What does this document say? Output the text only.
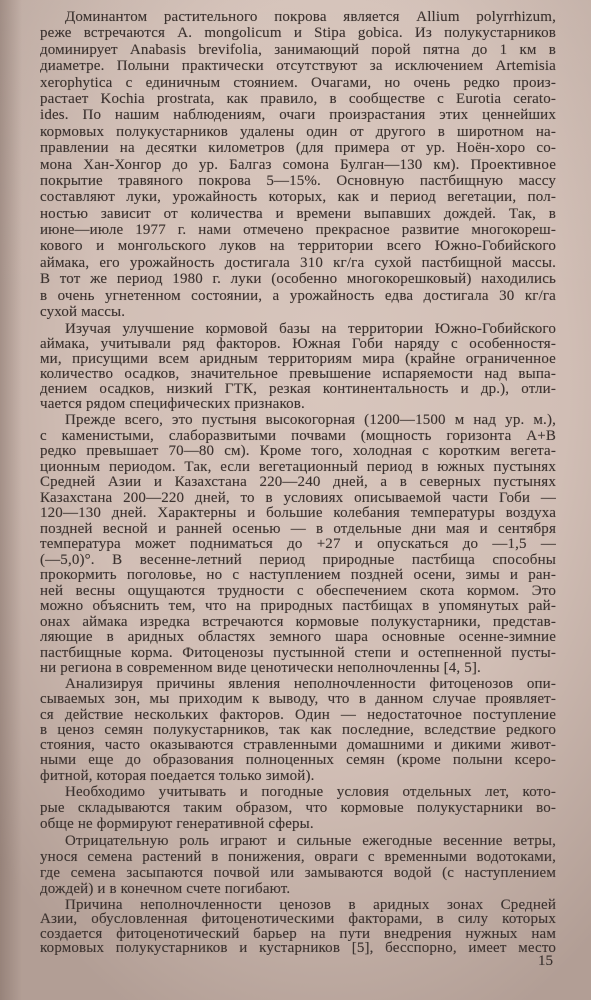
Доминантом растительного покрова является Allium polyrrhizum,
реже встречаются A. mongolicum и Stipa gobica. Из полукустарников
доминирует Anabasis brevifolia, занимающий порой пятна до 1 км в
диаметре. Полыни практически отсутствуют за исключением Artemisia
xerophytica с единичным стоянием. Очагами, но очень редко произ-
растает Kochia prostrata, как правило, в сообществе с Eurotia cerato-
ides. По нашим наблюдениям, очаги произрастания этих ценнейших
кормовых полукустарников удалены один от другого в широтном на-
правлении на десятки километров (для примера от ур. Ноён-хоро со-
мона Хан-Хонгор до ур. Балгаз сомона Булган—130 км). Проективное
покрытие травяного покрова 5—15%. Основную пастбищную массу
составляют луки, урожайность которых, как и период вегетации, пол-
ностью зависит от количества и времени выпавших дождей. Так, в
июне—июле 1977 г. нами отмечено прекрасное развитие многокореш-
кового и монгольского луков на территории всего Южно-Гобийского
аймака, его урожайность достигала 310 кг/га сухой пастбищной массы.
В тот же период 1980 г. луки (особенно многокорешковый) находились
в очень угнетенном состоянии, а урожайность едва достигала 30 кг/га
сухой массы.
Изучая улучшение кормовой базы на территории Южно-Гобийского
аймака, учитывали ряд факторов. Южная Гоби наряду с особенностя-
ми, присущими всем аридным территориям мира (крайне ограниченное
количество осадков, значительное превышение испаряемости над выпа-
дением осадков, низкий ГТК, резкая континентальность и др.), отли-
чается рядом специфических признаков.
Прежде всего, это пустыня высокогорная (1200—1500 м над ур. м.),
с каменистыми, слаборазвитыми почвами (мощность горизонта A+B
редко превышает 70—80 см). Кроме того, холодная с коротким вегета-
ционным периодом. Так, если вегетационный период в южных пустынях
Средней Азии и Казахстана 220—240 дней, а в северных пустынях
Казахстана 200—220 дней, то в условиях описываемой части Гоби —
120—130 дней. Характерны и большие колебания температуры воздуха
поздней весной и ранней осенью — в отдельные дни мая и сентября
температура может подниматься до +27 и опускаться до —1,5 —
(—5,0)°. В весенне-летний период природные пастбища способны
прокормить поголовье, но с наступлением поздней осени, зимы и ран-
ней весны ощущаются трудности с обеспечением скота кормом. Это
можно объяснить тем, что на природных пастбищах в упомянутых рай-
онах аймака изредка встречаются кормовые полукустарники, представ-
ляющие в аридных областях земного шара основные осенне-зимние
пастбищные корма. Фитоценозы пустынной степи и остепненной пусты-
ни региона в современном виде ценотически неполночленны [4, 5].
Анализируя причины явления неполночленности фитоценозов опи-
сываемых зон, мы приходим к выводу, что в данном случае проявляет-
ся действие нескольких факторов. Один — недостаточное поступление
в ценоз семян полукустарников, так как последние, вследствие редкого
стояния, часто оказываются стравленными домашними и дикими живот-
ными еще до образования полноценных семян (кроме полыни ксеро-
фитной, которая поедается только зимой).
Необходимо учитывать и погодные условия отдельных лет, кото-
рые складываются таким образом, что кормовые полукустарники во-
обще не формируют генеративной сферы.
Отрицательную роль играют и сильные ежегодные весенние ветры,
унося семена растений в понижения, овраги с временными водотоками,
где семена засыпаются почвой или замываются водой (с наступлением
дождей) и в конечном счете погибают.
Причина неполночленности ценозов в аридных зонах Средней
Азии, обусловленная фитоценотическими факторами, в силу которых
создается фитоценотический барьер на пути внедрения нужных нам
кормовых полукустарников и кустарников [5], бесспорно, имеет место
15
